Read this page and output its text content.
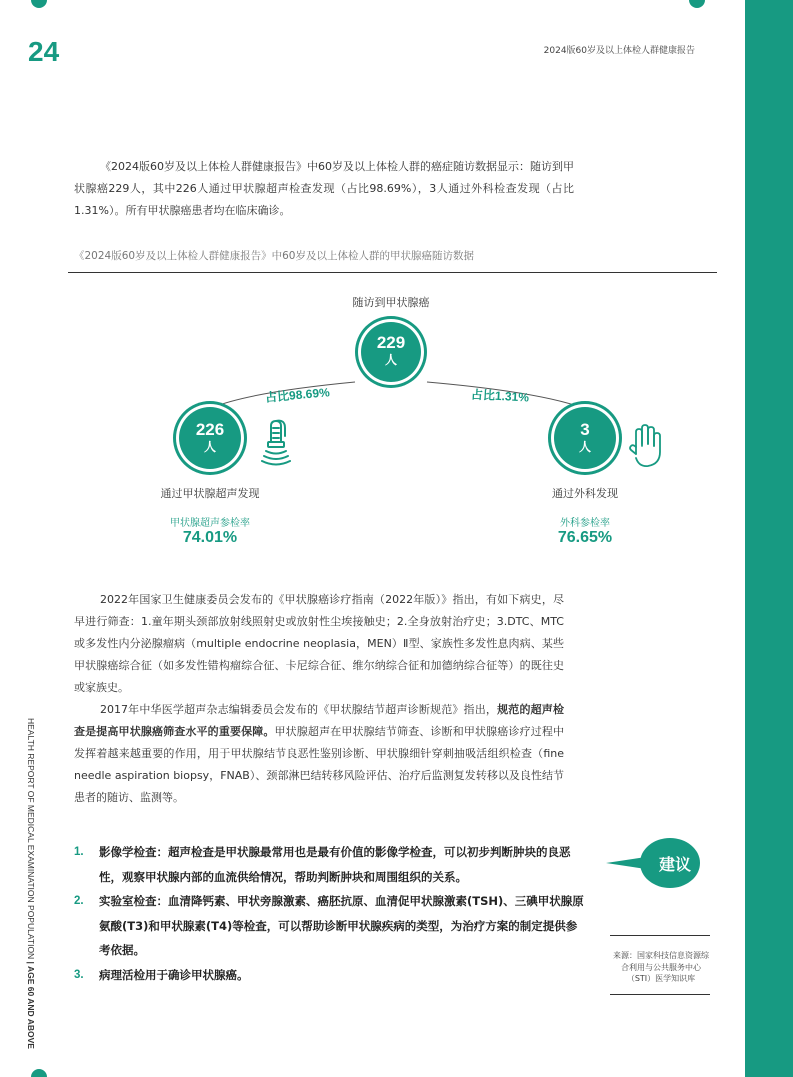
24	2024版60岁及以上体检人群健康报告
HEALTH REPORT OF MEDICAL EXAMINATION POPULATION | AGE 60 AND ABOVE

《2024版60岁及以上体检人群健康报告》中60岁及以上体检人群的癌症随访数据显示：随访到甲状腺癌229人，其中226人通过甲状腺超声检查发现（占比98.69%），3人通过外科检查发现（占比1.31%）。所有甲状腺癌患者均在临床确诊。

《2024版60岁及以上体检人群健康报告》中60岁及以上体检人群的甲状腺癌随访数据
随访到甲状腺癌
229
人
占比98.69%	占比1.31%
226
人
3
人
通过甲状腺超声发现	通过外科发现
甲状腺超声参检率
74.01%
外科参检率
76.65%

2022年国家卫生健康委员会发布的《甲状腺癌诊疗指南（2022年版）》指出，有如下病史，尽早进行筛查：1.童年期头颈部放射线照射史或放射性尘埃接触史；2.全身放射治疗史；3.DTC、MTC或多发性内分泌腺瘤病（multiple endocrine neoplasia，MEN）Ⅱ型、家族性多发性息肉病、某些甲状腺癌综合征（如多发性错构瘤综合征、卡尼综合征、维尔纳综合征和加德纳综合征等）的既往史或家族史。

2017年中华医学超声杂志编辑委员会发布的《甲状腺结节超声诊断规范》指出，规范的超声检查是提高甲状腺癌筛查水平的重要保障。甲状腺超声在甲状腺结节筛查、诊断和甲状腺癌诊疗过程中发挥着越来越重要的作用，用于甲状腺结节良恶性鉴别诊断、甲状腺细针穿刺抽吸活组织检查（fine needle aspiration biopsy，FNAB）、颈部淋巴结转移风险评估、治疗后监测复发转移以及良性结节患者的随访、监测等。

1. 影像学检查：超声检查是甲状腺最常用也是最有价值的影像学检查，可以初步判断肿块的良恶性，观察甲状腺内部的血流供给情况，帮助判断肿块和周围组织的关系。
2. 实验室检查：血清降钙素、甲状旁腺激素、癌胚抗原、血清促甲状腺激素(TSH)、三碘甲状腺原氨酸(T3)和甲状腺素(T4)等检查，可以帮助诊断甲状腺疾病的类型，为治疗方案的制定提供参考依据。
3. 病理活检用于确诊甲状腺癌。
建议
来源：国家科技信息资源综合利用与公共服务中心（STI）医学知识库
